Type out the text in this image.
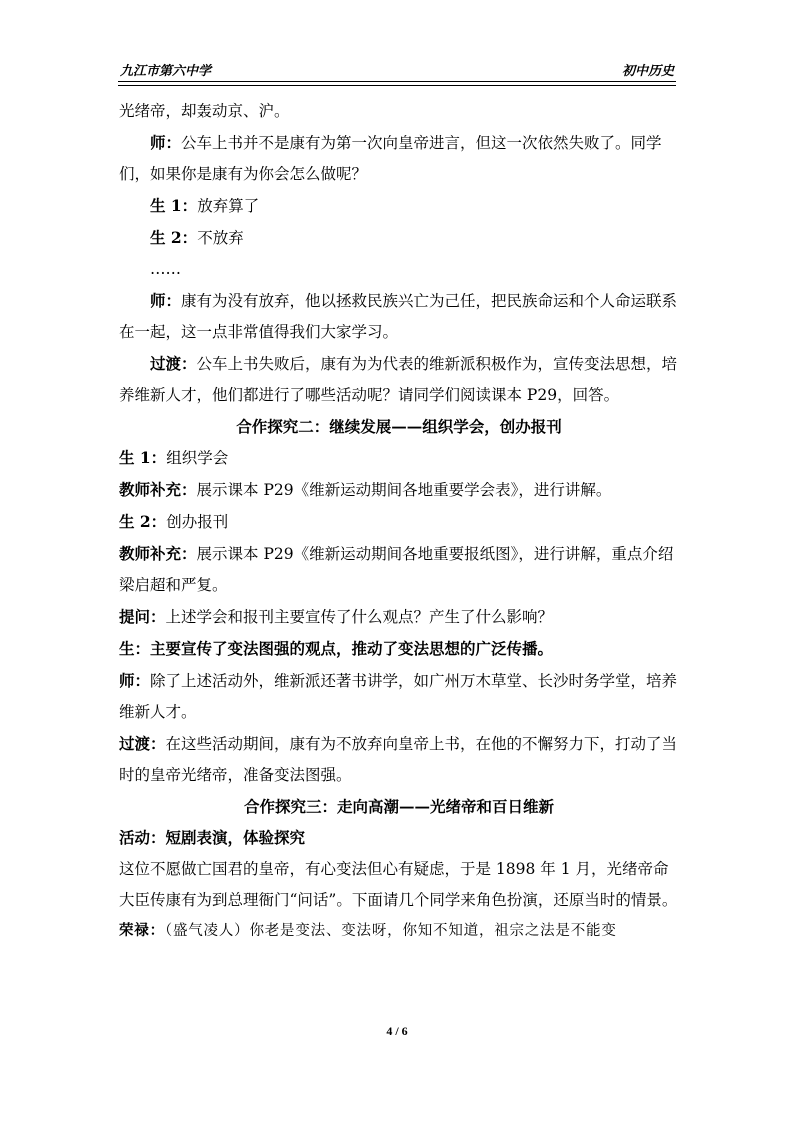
九江市第六中学	初中历史

光绪帝，却轰动京、沪。

师：公车上书并不是康有为第一次向皇帝进言，但这一次依然失败了。同学们，如果你是康有为你会怎么做呢？

生 1：放弃算了

生 2：不放弃

……

师：康有为没有放弃，他以拯救民族兴亡为己任，把民族命运和个人命运联系在一起，这一点非常值得我们大家学习。

过渡：公车上书失败后，康有为为代表的维新派积极作为，宣传变法思想，培养维新人才，他们都进行了哪些活动呢？请同学们阅读课本 P29，回答。

合作探究二：继续发展——组织学会，创办报刊

生 1：组织学会

教师补充：展示课本 P29《维新运动期间各地重要学会表》，进行讲解。

生 2：创办报刊

教师补充：展示课本 P29《维新运动期间各地重要报纸图》，进行讲解，重点介绍梁启超和严复。

提问：上述学会和报刊主要宣传了什么观点？产生了什么影响？

生：主要宣传了变法图强的观点，推动了变法思想的广泛传播。

师：除了上述活动外，维新派还著书讲学，如广州万木草堂、长沙时务学堂，培养维新人才。

过渡：在这些活动期间，康有为不放弃向皇帝上书，在他的不懈努力下，打动了当时的皇帝光绪帝，准备变法图强。

合作探究三：走向高潮——光绪帝和百日维新

活动：短剧表演，体验探究

这位不愿做亡国君的皇帝，有心变法但心有疑虑，于是 1898 年 1 月，光绪帝命大臣传康有为到总理衙门“问话”。下面请几个同学来角色扮演，还原当时的情景。

荣禄：（盛气凌人）你老是变法、变法呀，你知不知道，祖宗之法是不能变

4 / 6
